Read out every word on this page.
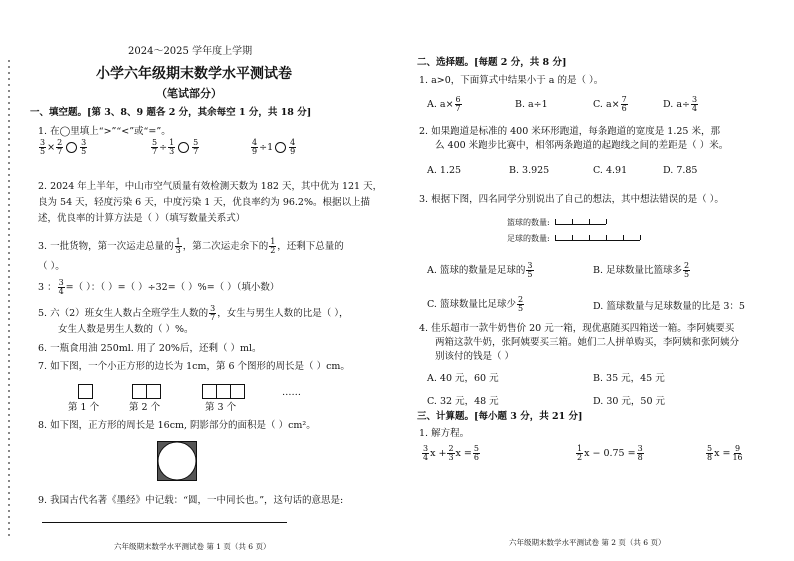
2024～2025 学年度上学期
小学六年级期末数学水平测试卷
（笔试部分）
一、填空题。[第 3、8、9 题各 2 分，其余每空 1 分，共 18 分]
1. 在◯里填上“>”“<”或“=”。
$\frac{3}{5} \times \frac{2}{7} \frac{3}{5}$	$\frac{5}{7} \div \frac{1}{3} \frac{5}{7}$	$\frac{4}{9} \div 1 \frac{4}{9}$
2. 2024 年上半年，中山市空气质量有效检测天数为 182 天，其中优为 121 天，
良为 54 天，轻度污染 6 天，中度污染 1 天，优良率约为 96.2%。根据以上描
述，优良率的计算方法是（ ）（填写数量关系式）
3. 一批货物，第一次运走总量的 $\frac{1}{3}$ ，第二次运走余下的 $\frac{1}{2}$ ，还剩下总量的
（ ）。
3 ： $\frac{3}{4}$ =（ ）：（ ）=（ ）÷32=（ ）%=（ ）（填小数）
5. 六（2）班女生人数占全班学生人数的 $\frac{3}{7}$ ，女生与男生人数的比是（ ），
女生人数是男生人数的（ ）%。
6. 一瓶食用油 250ml. 用了 20%后，还剩（ ）ml。
7. 如下图，一个小正方形的边长为 1cm，第 6 个图形的周长是（ ）cm。
第 1 个	第 2 个	第 3 个
……
8. 如下图，正方形的周长是 16cm, 阴影部分的面积是（ ）cm²。
9. 我国古代名著《墨经》中记载：“圆，一中同长也。”，这句话的意思是:
六年级期末数学水平测试卷 第 1 页（共 6 页）
二、选择题。[每题 2 分，共 8 分]
1. a>0，下面算式中结果小于 a 的是（ ）。
A. $a\times \frac{6}{7}$	B. a÷1	C. $a\times \frac{7}{6}$	D. $a\div \frac{3}{4}$
2. 如果跑道是标准的 400 米环形跑道，每条跑道的宽度是 1.25 米，那
么 400 米跑步比赛中，相邻两条跑道的起跑线之间的差距是（ ）米。
A. 1.25	B. 3.925	C. 4.91	D. 7.85
3. 根据下图，四名同学分别说出了自己的想法，其中想法错误的是（ ）。
篮球的数量:
足球的数量:
A. 篮球的数量是足球的 $\frac{3}{5}$	B. 足球数量比篮球多 $\frac{2}{5}$
C. 篮球数量比足球少 $\frac{2}{5}$	D. 篮球数量与足球数量的比是 3：5
4. 佳乐超市一款牛奶售价 20 元一箱，现优惠随买四箱送一箱。李阿姨要买
两箱这款牛奶，张阿姨要买三箱。她们二人拼单购买，李阿姨和张阿姨分
别该付的钱是（ ）
A. 40 元，60 元	B. 35 元，45 元
C. 32 元，48 元	D. 30 元，50 元
三、计算题。[每小题 3 分，共 21 分]
1. 解方程。
$\frac{3}{4}$ $x + \frac{2}{3}$ $x = \frac{5}{6}$	$\frac{1}{2}$ $x - 0.75 = \frac{3}{8}$	$\frac{5}{8}$ $x = \frac{9}{16}$
六年级期末数学水平测试卷 第 2 页（共 6 页）
